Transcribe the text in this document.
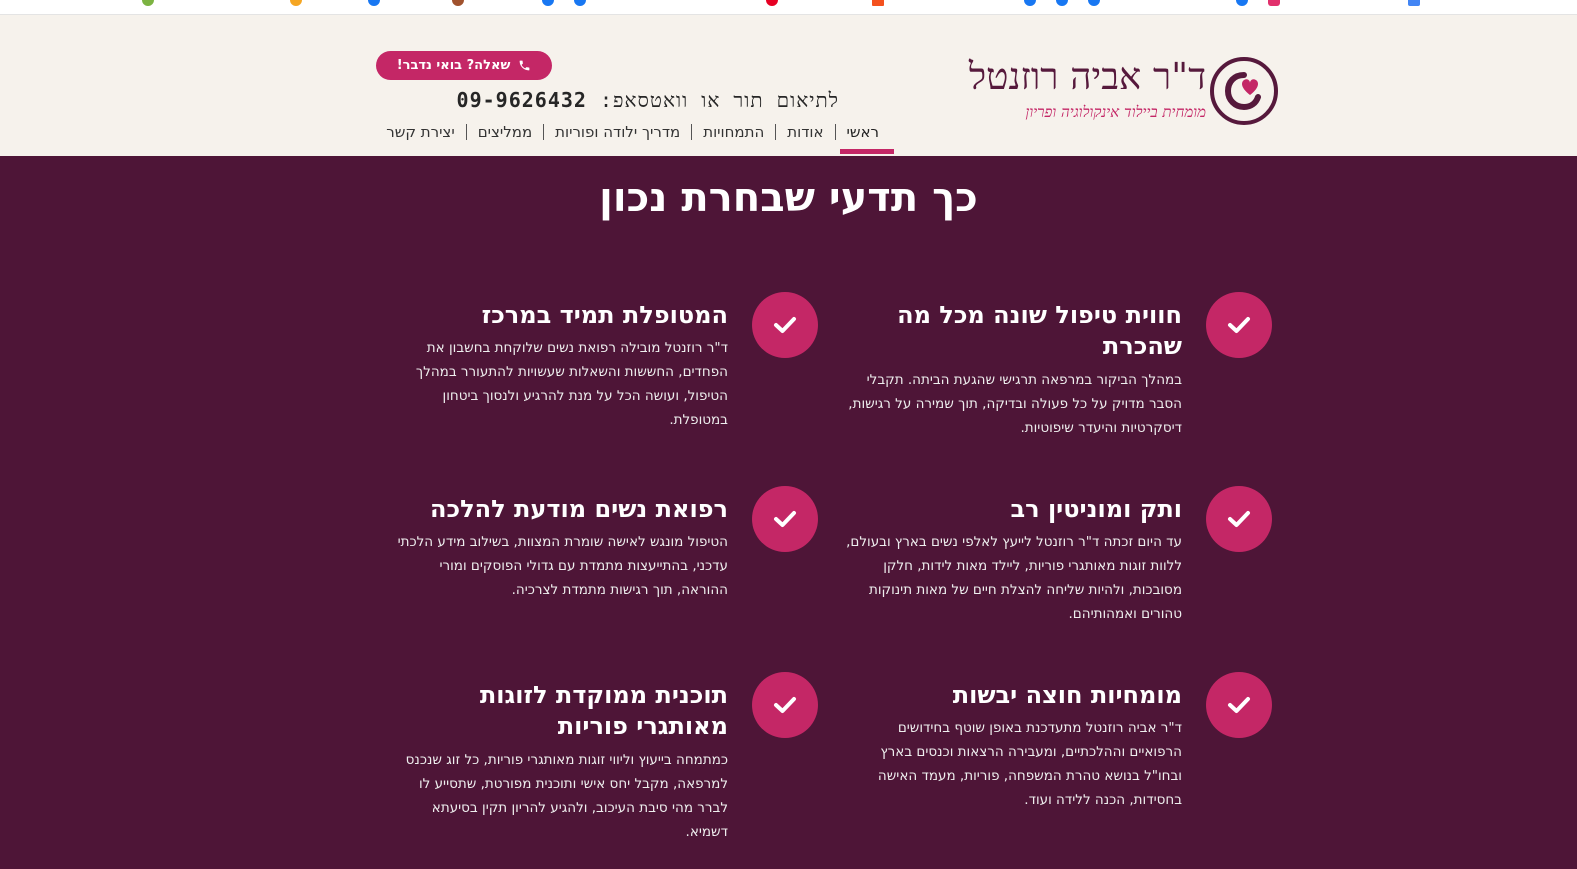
ד"ר אביה רוזנטל
מומחית ביילוד אינקולוגיה ופריון
שאלה? בואי נדבר!
לתיאום תור או וואטסאפ: 09-9626432
ראשי
אודות
התמחויות
מדריך ילודה ופוריות
ממליצים
יצירת קשר
כך תדעי שבחרת נכון
חווית טיפול שונה מכל מה שהכרת

במהלך הביקור במרפאה תרגישי שהגעת הביתה. תקבלי הסבר מדויק על כל פעולה ובדיקה, תוך שמירה על רגישות, דיסקרטיות והיעדר שיפוטיות.

המטופלת תמיד במרכז

ד"ר רוזנטל מובילה רפואת נשים שלוקחת בחשבון את הפחדים, החששות והשאלות שעשויות להתעורר במהלך הטיפול, ועושה הכל על מנת להרגיע ולנסוך ביטחון במטופלת.

ותק ומוניטין רב

עד היום זכתה ד"ר רוזנטל לייעץ לאלפי נשים בארץ ובעולם, ללוות זוגות מאותגרי פוריות, ליילד מאות לידות, חלקן מסובכות, ולהיות שליחה להצלת חיים של מאות תינוקות טהורים ואמהותיהם.

רפואת נשים מודעת להלכה

הטיפול מונגש לאישה שומרת המצוות, בשילוב מידע הלכתי עדכני, בהתייעצות מתמדת עם גדולי הפוסקים ומורי ההוראה, תוך רגישות מתמדת לצרכיה.

מומחיות חוצה יבשות

ד"ר אביה רוזנטל מתעדכנת באופן שוטף בחידושים הרפואיים וההלכתיים, ומעבירה הרצאות וכנסים בארץ ובחו"ל בנושא טהרת המשפחה, פוריות, מעמד האישה בחסידות, הכנה ללידה ועוד.

תוכנית ממוקדת לזוגות מאותגרי פוריות

כמתמחה בייעוץ וליווי זוגות מאותגרי פוריות, כל זוג שנכנס למרפאה, מקבל יחס אישי ותוכנית מפורטת, שתסייע לו לברר מהי סיבת העיכוב, ולהגיע להריון תקין בסיעתא דשמיא.
